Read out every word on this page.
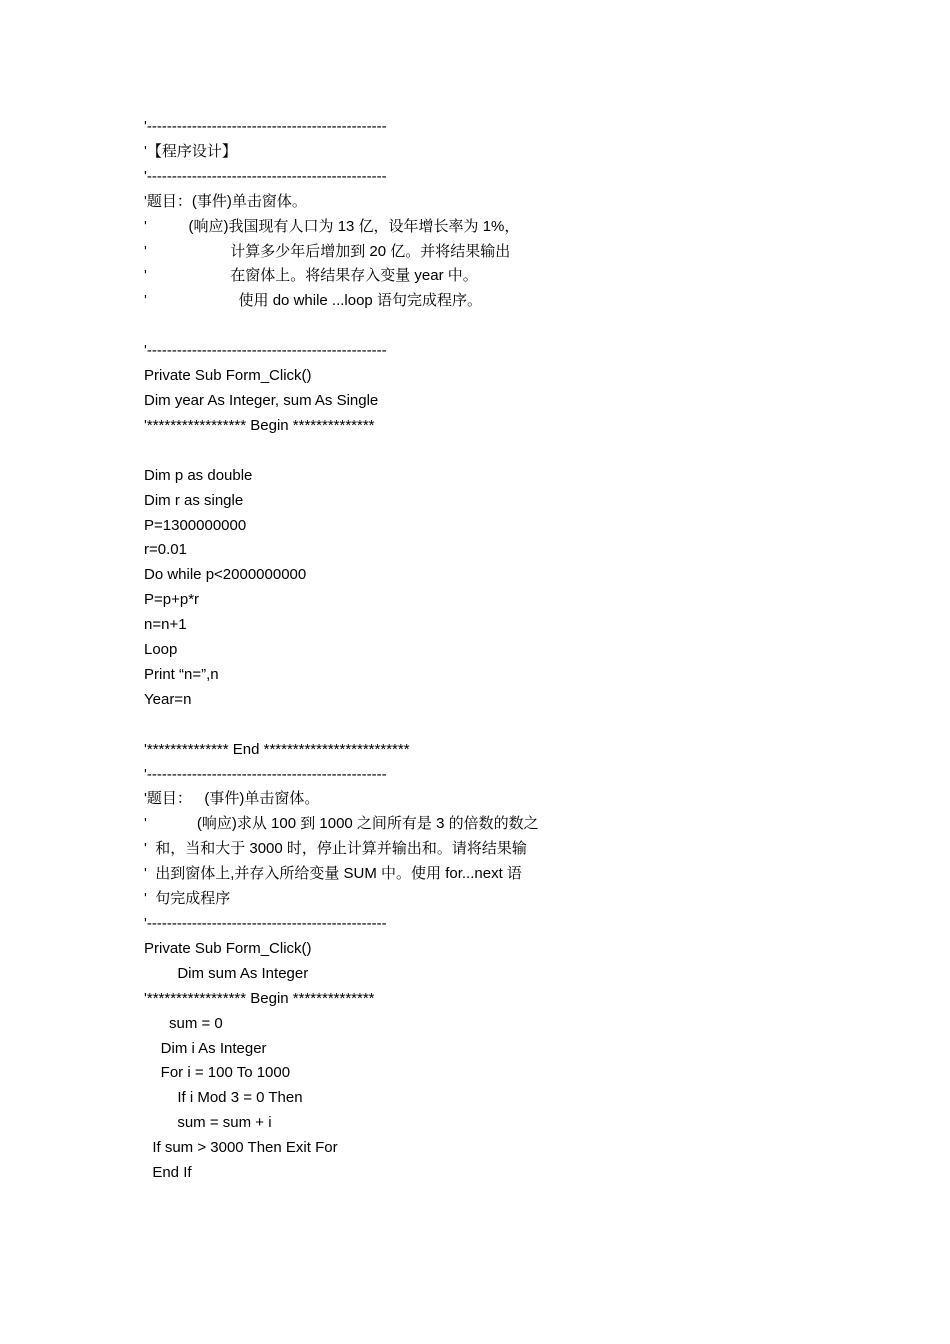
'------------------------------------------------
'【程序设计】
'------------------------------------------------
'题目：(事件)单击窗体。
'          (响应)我国现有人口为 13 亿，设年增长率为 1%，
'                    计算多少年后增加到 20 亿。并将结果输出
'                    在窗体上。将结果存入变量 year 中。
'                      使用 do while ...loop 语句完成程序。
'------------------------------------------------
Private Sub Form_Click()
Dim year As Integer, sum As Single
'***************** Begin **************
Dim p as double
Dim r as single
P=1300000000
r=0.01
Do while p<2000000000
P=p+p*r
n=n+1
Loop
Print “n=”,n
Year=n
'************** End *************************
'------------------------------------------------
'题目：   (事件)单击窗体。
'            (响应)求从 100 到 1000 之间所有是 3 的倍数的数之
'  和，当和大于 3000 时，停止计算并输出和。请将结果输
'  出到窗体上,并存入所给变量 SUM 中。使用 for...next 语
'  句完成程序
'------------------------------------------------
Private Sub Form_Click()
Dim sum As Integer
'***************** Begin **************
sum = 0
Dim i As Integer
For i = 100 To 1000
If i Mod 3 = 0 Then
sum = sum + i
If sum > 3000 Then Exit For
End If
